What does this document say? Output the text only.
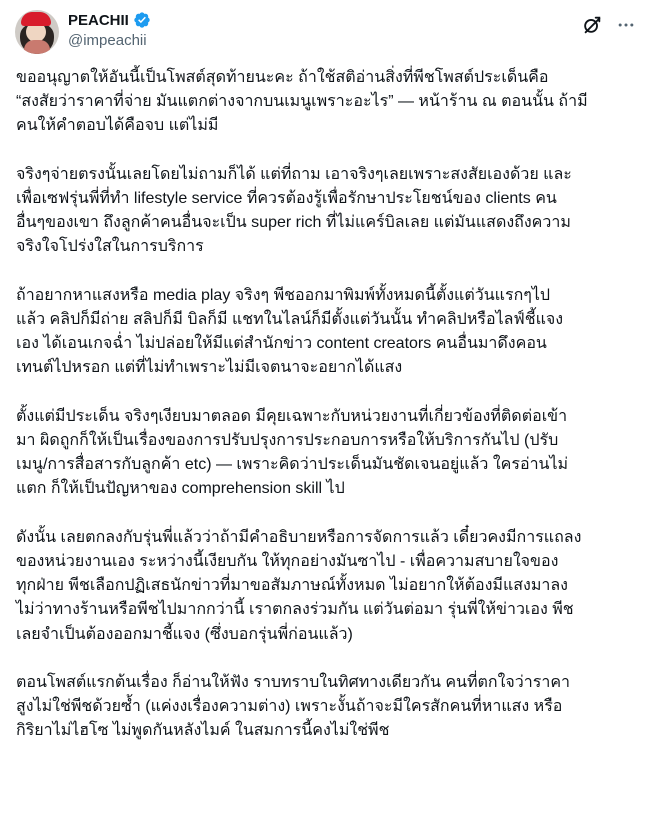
PEACHII
@impeachii
ขออนุญาตให้อันนี้เป็นโพสต์สุดท้ายนะคะ ถ้าใช้สติอ่านสิ่งที่พีชโพสต์ประเด็นคือ
“สงสัยว่าราคาที่จ่าย มันแตกต่างจากบนเมนูเพราะอะไร” — หน้าร้าน ณ ตอนนั้น ถ้ามี
คนให้คำตอบได้คือจบ แต่ไม่มี
จริงๆจ่ายตรงนั้นเลยโดยไม่ถามก็ได้ แต่ที่ถาม เอาจริงๆเลยเพราะสงสัยเองด้วย และ
เพื่อเซฟรุ่นพี่ที่ทำ lifestyle service ที่ควรต้องรู้เพื่อรักษาประโยชน์ของ clients คน
อื่นๆของเขา ถึงลูกค้าคนอื่นจะเป็น super rich ที่ไม่แคร์บิลเลย แต่มันแสดงถึงความ
จริงใจโปร่งใสในการบริการ
ถ้าอยากหาแสงหรือ media play จริงๆ พีชออกมาพิมพ์ทั้งหมดนี้ตั้งแต่วันแรกๆไป
แล้ว คลิปก็มีถ่าย สลิปก็มี บิลก็มี แชทในไลน์ก็มีตั้งแต่วันนั้น ทำคลิปหรือไลฟ์ชี้แจง
เอง ได้เอนเกจฉ่ำ ไม่ปล่อยให้มีแต่สำนักข่าว content creators คนอื่นมาดึงคอน
เทนต์ไปหรอก แต่ที่ไม่ทำเพราะไม่มีเจตนาจะอยากได้แสง
ตั้งแต่มีประเด็น จริงๆเงียบมาตลอด มีคุยเฉพาะกับหน่วยงานที่เกี่ยวข้องที่ติดต่อเข้า
มา ผิดถูกก็ให้เป็นเรื่องของการปรับปรุงการประกอบการหรือให้บริการกันไป (ปรับ
เมนู/การสื่อสารกับลูกค้า etc) — เพราะคิดว่าประเด็นมันชัดเจนอยู่แล้ว ใครอ่านไม่
แตก ก็ให้เป็นปัญหาของ comprehension skill ไป
ดังนั้น เลยตกลงกับรุ่นพี่แล้วว่าถ้ามีคำอธิบายหรือการจัดการแล้ว เดี๋ยวคงมีการแถลง
ของหน่วยงานเอง ระหว่างนี้เงียบกัน ให้ทุกอย่างมันซาไป - เพื่อความสบายใจของ
ทุกฝ่าย พีชเลือกปฏิเสธนักข่าวที่มาขอสัมภาษณ์ทั้งหมด ไม่อยากให้ต้องมีแสงมาลง
ไม่ว่าทางร้านหรือพีชไปมากกว่านี้ เราตกลงร่วมกัน แต่วันต่อมา รุ่นพี่ให้ข่าวเอง พีช
เลยจำเป็นต้องออกมาชี้แจง (ซึ่งบอกรุ่นพี่ก่อนแล้ว)
ตอนโพสต์แรกต้นเรื่อง ก็อ่านให้ฟัง ราบทราบในทิศทางเดียวกัน คนที่ตกใจว่าราคา
สูงไม่ใช่พีชด้วยซ้ำ (แค่งงเรื่องความต่าง) เพราะงั้นถ้าจะมีใครสักคนที่หาแสง หรือ
กิริยาไม่ไฮโซ ไม่พูดกันหลังไมค์ ในสมการนี้คงไม่ใช่พีช
